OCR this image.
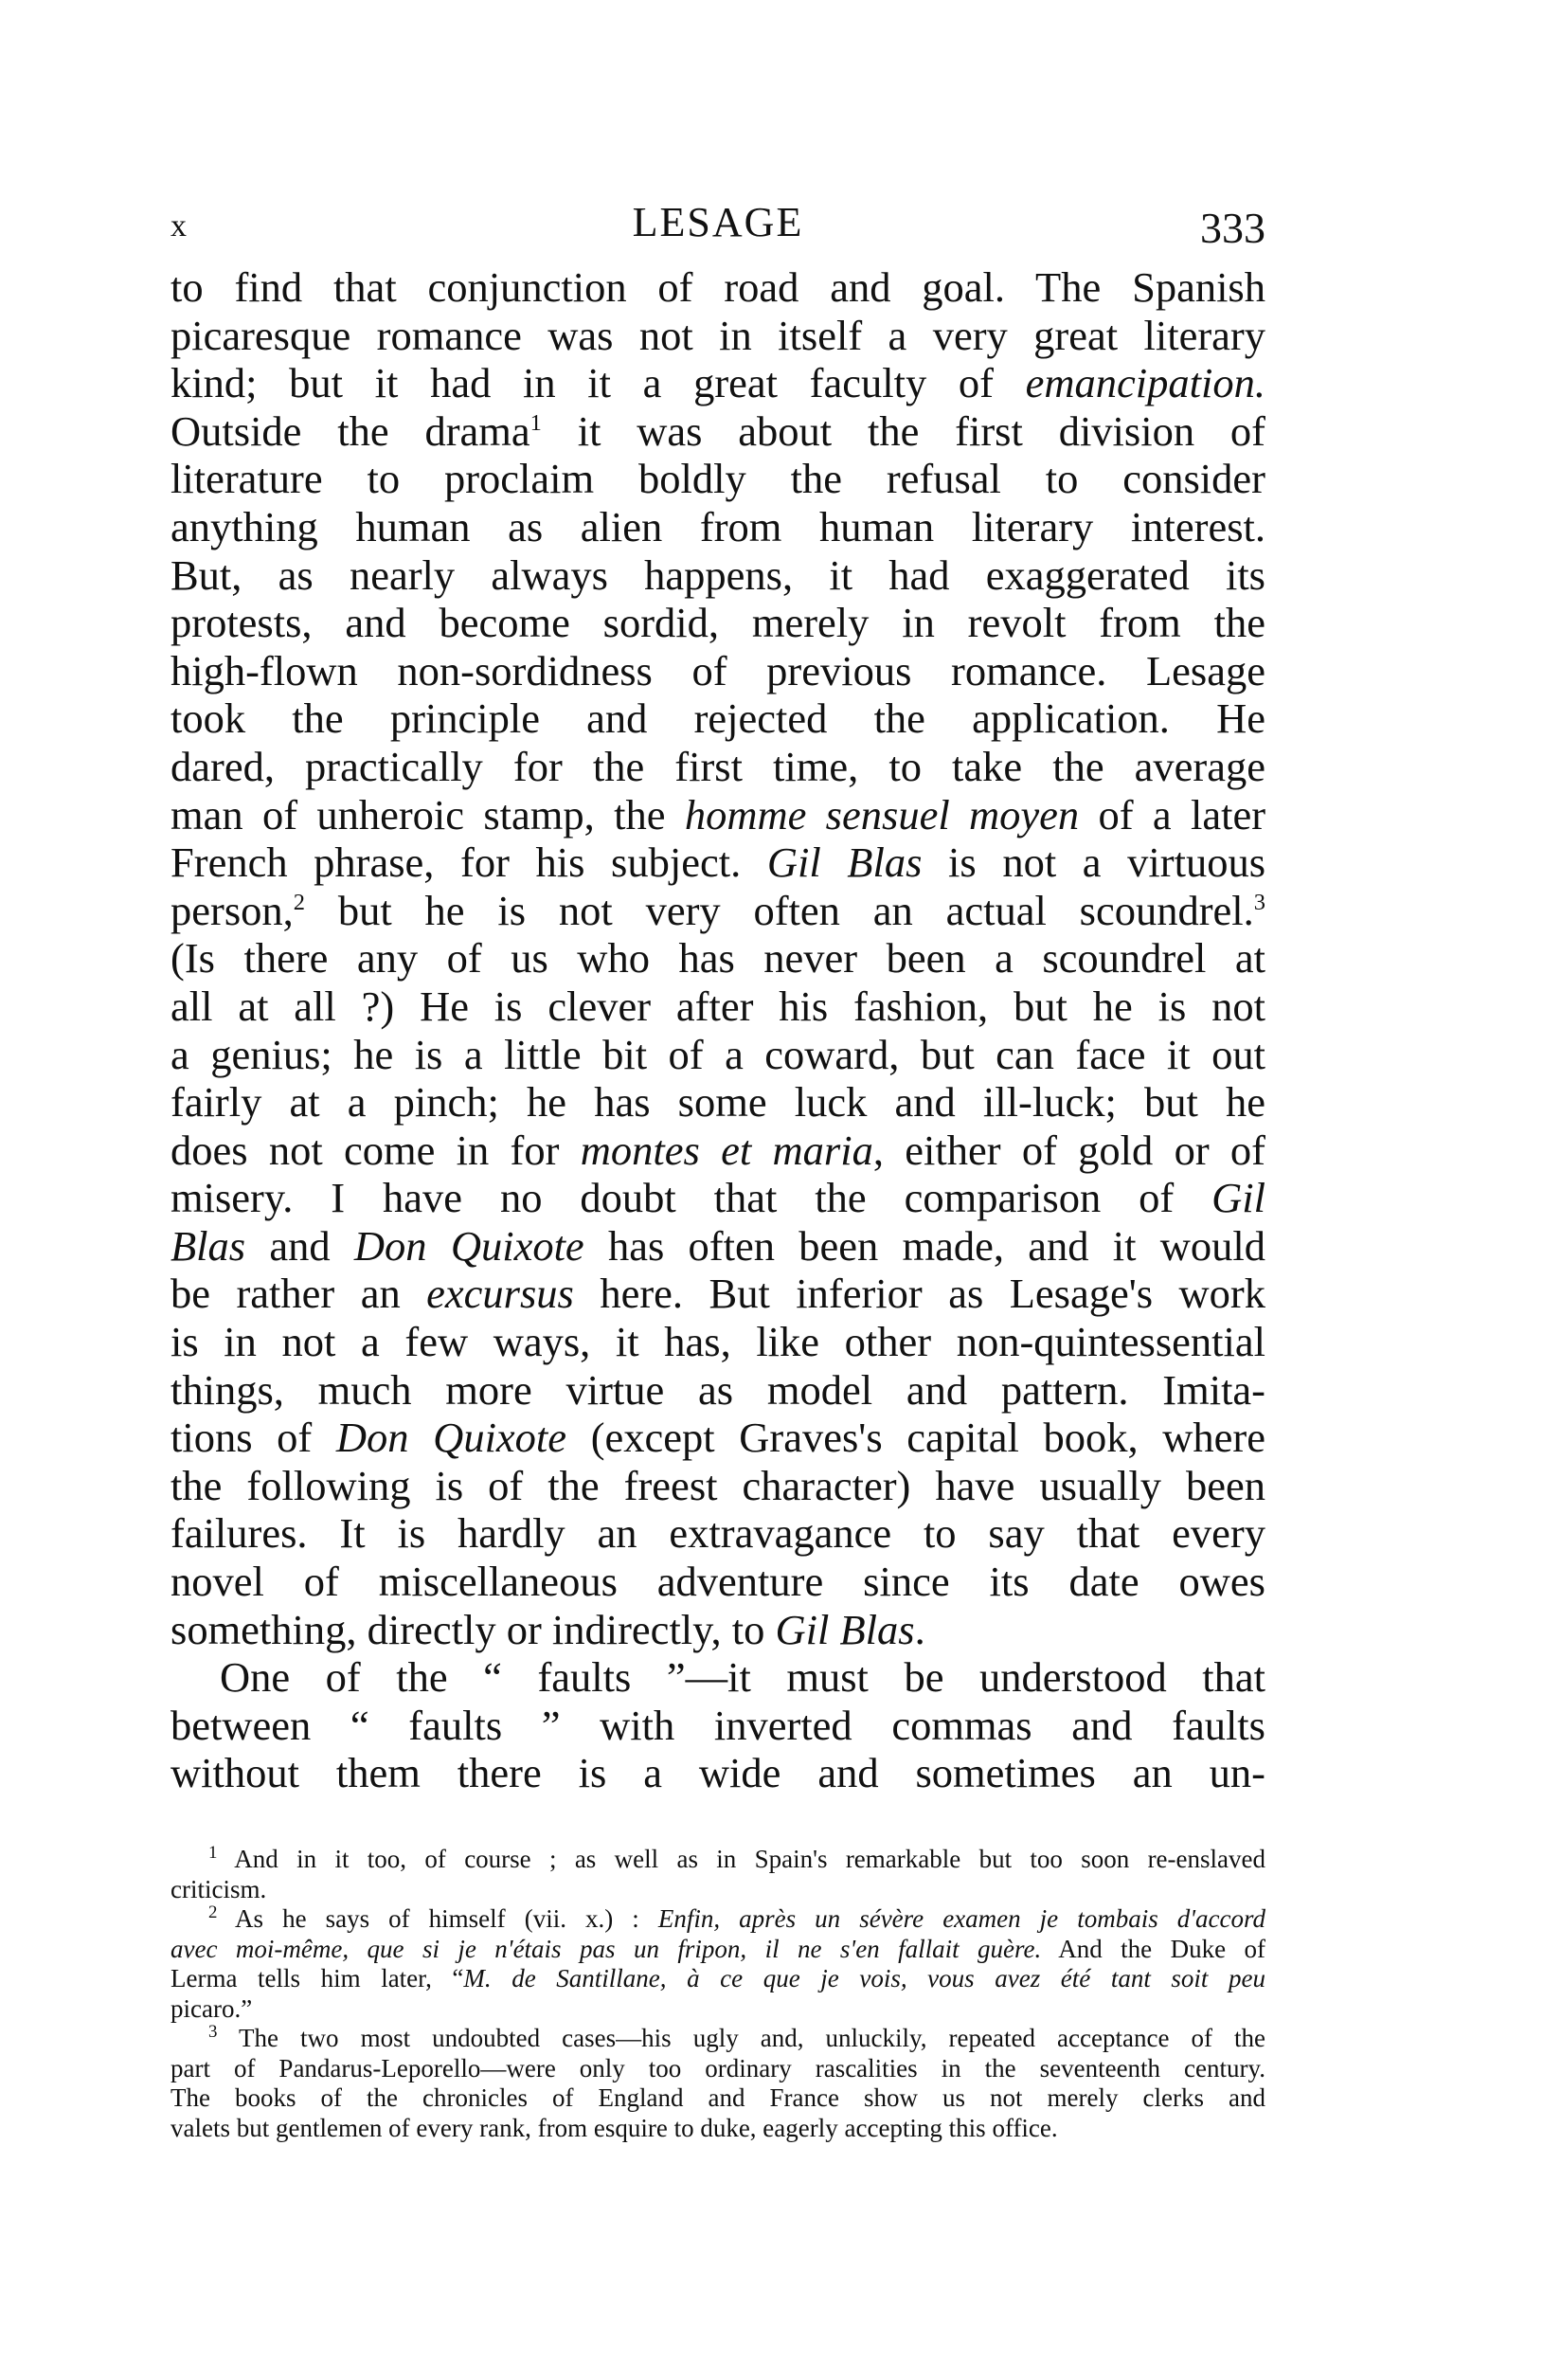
x	LESAGE	333
to find that conjunction of road and goal. The Spanish
picaresque romance was not in itself a very great literary
kind; but it had in it a great faculty of emancipation.
Outside the drama$^1$ it was about the first division of
literature to proclaim boldly the refusal to consider
anything human as alien from human literary interest.
But, as nearly always happens, it had exaggerated its
protests, and become sordid, merely in revolt from the
high-flown non-sordidness of previous romance. Lesage
took the principle and rejected the application. He
dared, practically for the first time, to take the average
man of unheroic stamp, the homme sensuel moyen of a later
French phrase, for his subject. Gil Blas is not a virtuous
person,$^2$ but he is not very often an actual scoundrel.$^3$
(Is there any of us who has never been a scoundrel at
all at all ?) He is clever after his fashion, but he is not
a genius; he is a little bit of a coward, but can face it out
fairly at a pinch; he has some luck and ill-luck; but he
does not come in for montes et maria, either of gold or of
misery. I have no doubt that the comparison of Gil
Blas and Don Quixote has often been made, and it would
be rather an excursus here. But inferior as Lesage's work
is in not a few ways, it has, like other non-quintessential
things, much more virtue as model and pattern. Imita-
tions of Don Quixote (except Graves's capital book, where
the following is of the freest character) have usually been
failures. It is hardly an extravagance to say that every
novel of miscellaneous adventure since its date owes
something, directly or indirectly, to Gil Blas.
One of the “ faults ”—it must be understood that
between “ faults ” with inverted commas and faults
without them there is a wide and sometimes an un-
$^1$ And in it too, of course ; as well as in Spain's remarkable but too soon re-enslaved
criticism.
$^2$ As he says of himself (vii. x.) : Enfin, après un sévère examen je tombais d'accord
avec moi-même, que si je n'étais pas un fripon, il ne s'en fallait guère. And the Duke of
Lerma tells him later, “M. de Santillane, à ce que je vois, vous avez été tant soit peu
picaro.”
$^3$ The two most undoubted cases—his ugly and, unluckily, repeated acceptance of the
part of Pandarus-Leporello—were only too ordinary rascalities in the seventeenth century.
The books of the chronicles of England and France show us not merely clerks and
valets but gentlemen of every rank, from esquire to duke, eagerly accepting this office.
